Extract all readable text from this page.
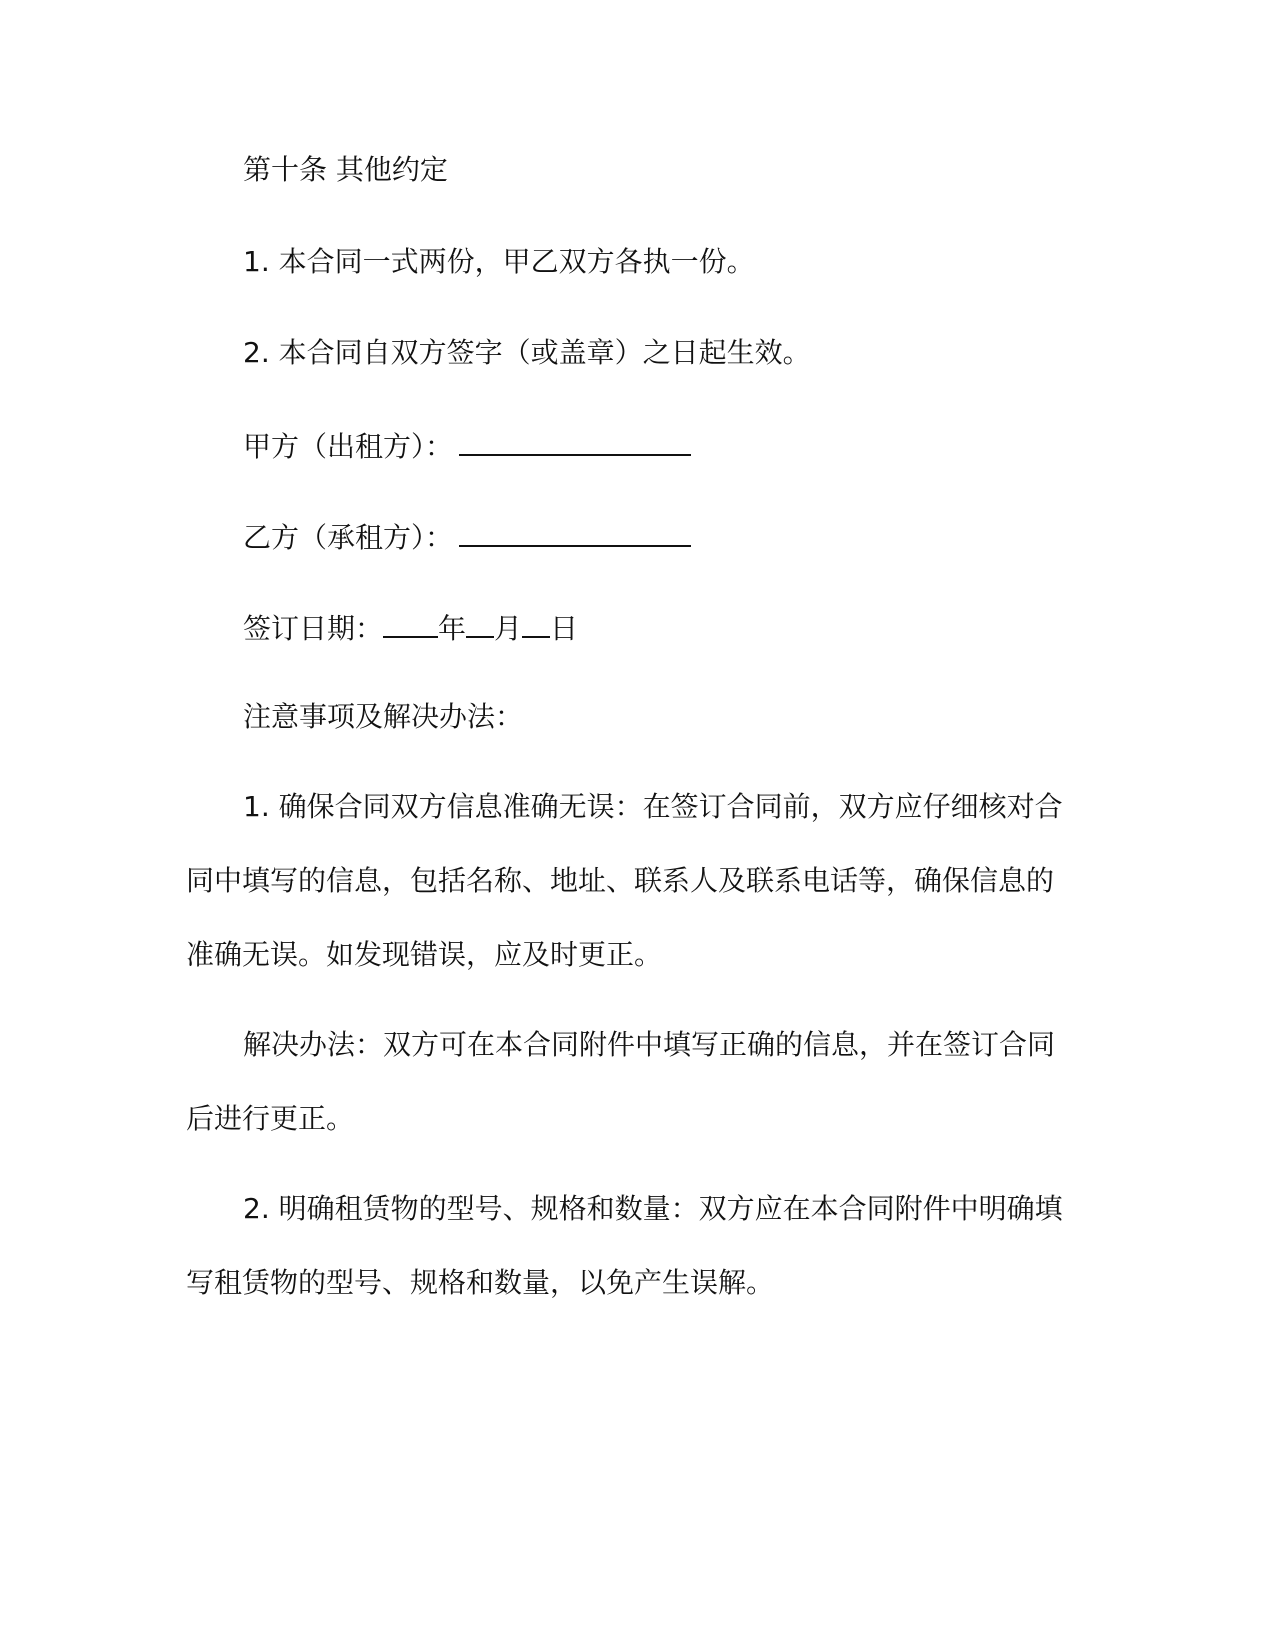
第十条 其他约定
1. 本合同一式两份，甲乙双方各执一份。
2. 本合同自双方签字（或盖章）之日起生效。
甲方（出租方）：
乙方（承租方）：
签订日期： 年 月 日
注意事项及解决办法：
1. 确保合同双方信息准确无误：在签订合同前，双方应仔细核对合同中填写的信息，包括名称、地址、联系人及联系电话等，确保信息的准确无误。如发现错误，应及时更正。
解决办法：双方可在本合同附件中填写正确的信息，并在签订合同后进行更正。
2. 明确租赁物的型号、规格和数量：双方应在本合同附件中明确填写租赁物的型号、规格和数量，以免产生误解。
